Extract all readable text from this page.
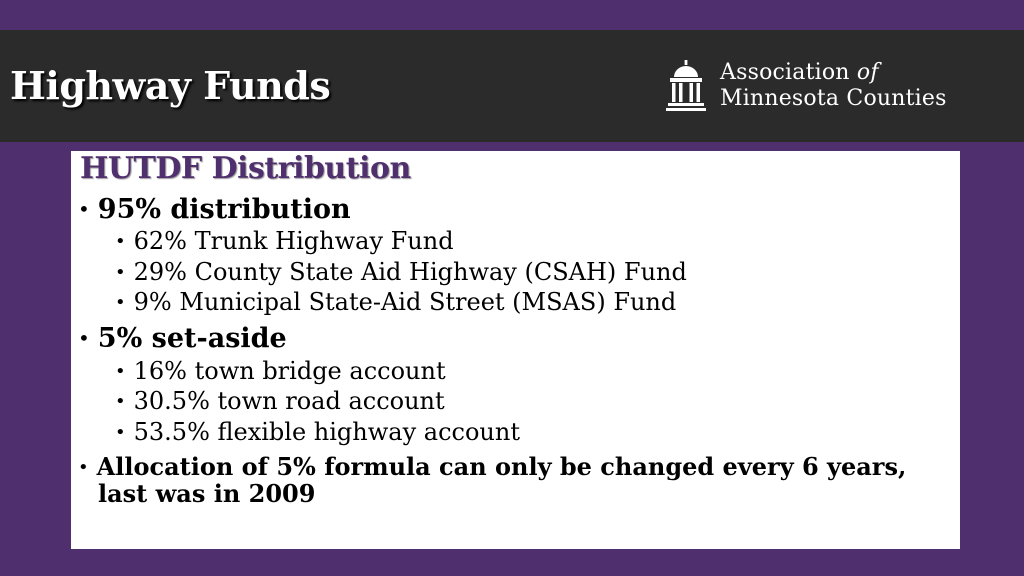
Highway Funds	Association of
Minnesota Counties
HUTDF Distribution
• 95% distribution
• 62% Trunk Highway Fund
• 29% County State Aid Highway (CSAH) Fund
• 9% Municipal State-Aid Street (MSAS) Fund
• 5% set-aside
• 16% town bridge account
• 30.5% town road account
• 53.5% flexible highway account
• Allocation of 5% formula can only be changed every 6 years,
last was in 2009
